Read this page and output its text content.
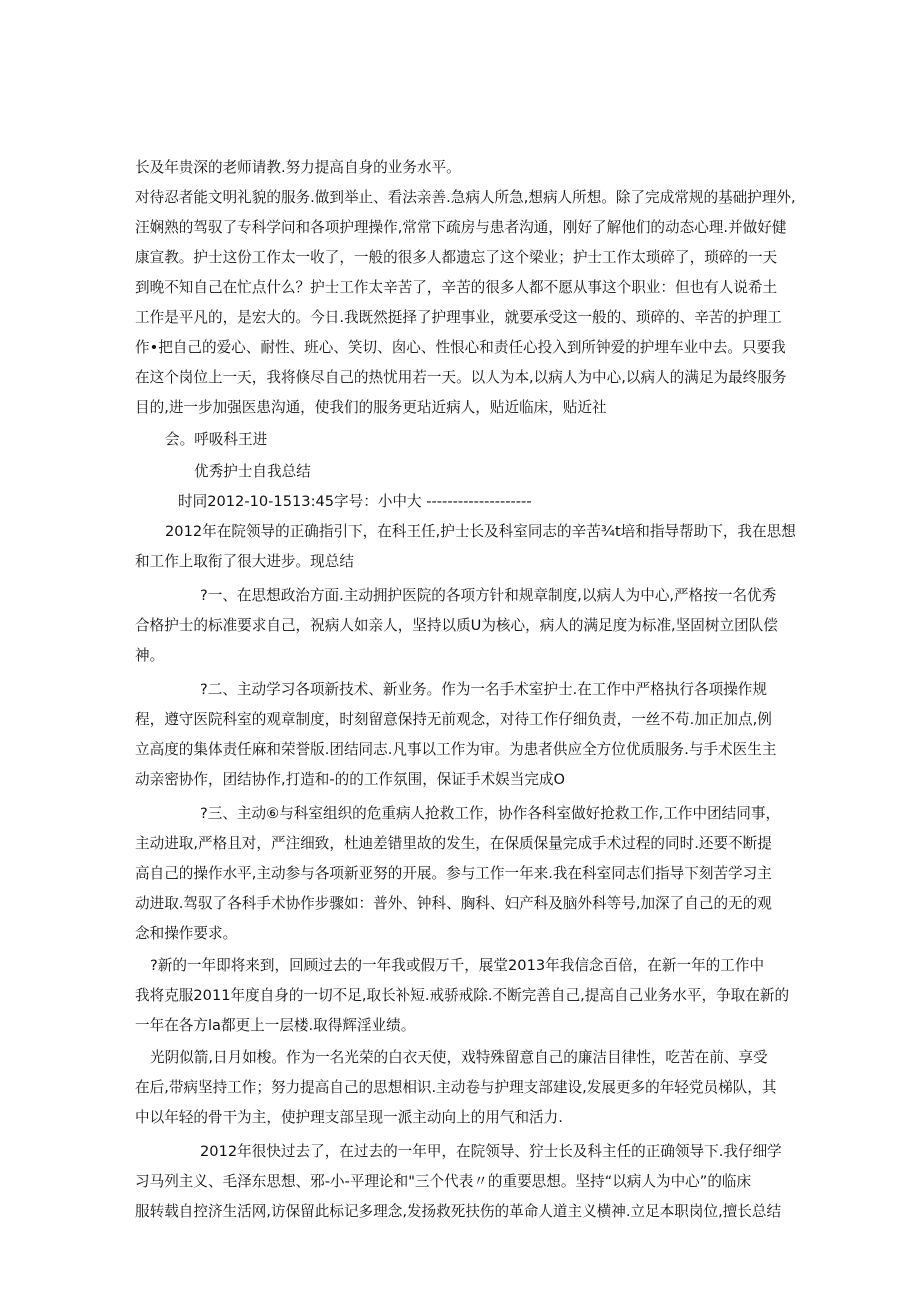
长及年贵深的老师请教.努力提高自身的业务水平。
对待忍者能文明礼貌的服务.做到举止、看法亲善.急病人所急,想病人所想。除了完成常规的基础护理外,
汪娴熟的驾驭了专科学问和各项护理操作,常常下疏房与患者沟通，刚好了解他们的动态心理.并做好健
康宣教。护士这份工作太一收了，一般的很多人都遗忘了这个梁业；护士工作太琐碎了，琐碎的一天
到晚不知自己在忙点什么？护士工作太辛苦了，辛苦的很多人都不愿从事这个职业：但也有人说希土
工作是平凡的，是宏大的。今日.我既然挺择了护理事业，就要承受这一般的、琐碎的、辛苦的护理工
作•把自己的爱心、耐性、班心、笑切、囱心、性恨心和责任心投入到所钟爱的护埋车业中去。只要我
在这个岗位上一天，我将倏尽自己的热忧用若一天。以人为本,以病人为中心,以病人的满足为最终服务
目的,进一步加强医患沟通，使我们的服务更玷近病人，贴近临床，贴近社
会。呼吸科王进
优秀护士自我总结
时同2012-10-1513:45字号：小中大 --------------------
2012年在院领导的正确指引下，在科王任,护士长及科室同志的辛苦¾t培和指导帮助下，我在思想
和工作上取衔了很大进步。现总结
?一、在思想政治方面.主动拥护医院的各项方针和规章制度,以病人为中心,严格按一名优秀
合格护士的标准要求自己，祝病人如亲人，坚持以质U为核心，病人的满足度为标准,坚固树立团队偿
神。
?二、主动学习各项新技术、新业务。作为一名手术室护士.在工作中严格执行各项操作规
程，遵守医院科室的观章制度，时刻留意保持无前观念，对待工作仔细负责，一丝不苟.加正加点,例
立高度的集体责任麻和荣誉版.团结同志.凡事以工作为审。为患者供应全方位优质服务.与手术医生主
动亲密协作，团结协作,打造和-的的工作氛围，保证手术娱当完成O
?三、主动⑥与科室组织的危重病人抢救工作，协作各科室做好抢救工作,工作中团结同事，
主动进取,严格且对，严注细致，杜迪差错里故的发生，在保质保量完成手术过程的同时.还要不断提
高自己的操作水平,主动参与各项新亚努的开展。参与工作一年来.我在科室同志们指导下刻苦学习主
动进取.驾驭了各科手术协作步骤如：普外、钟科、胸科、妇产科及脑外科等号,加深了自己的无的观
念和操作要求。
?新的一年即将来到，回顾过去的一年我或假万千，展堂2013年我信念百倍，在新一年的工作中
我将克服2011年度自身的一切不足,取长补短.戒骄戒除.不断完善自己,提高自己业务水平，争取在新的
一年在各方la都更上一层楼.取得辉淫业绩。
光阴似箭,日月如梭。作为一名光荣的白衣天使，戏特殊留意自己的廉洁目律性，吃苦在前、享受
在后,带病坚持工作；努力提高自己的思想相识.主动卷与护理支部建设,发展更多的年轻党员梯队，其
中以年轻的骨干为主，使护理支部呈现一派主动向上的用气和活力.
2012年很快过去了，在过去的一年甲，在院领导、狞士长及科主任的正确领导下.我仔细学
习马列主义、毛泽东思想、邪-小-平理论和"三个代表〃的重要思想。坚持“以病人为中心”的临床
服转载自控济生活网,访保留此标记多理念,发扬救死扶伤的革命人道主义横神.立足本职岗位,擅长总结
